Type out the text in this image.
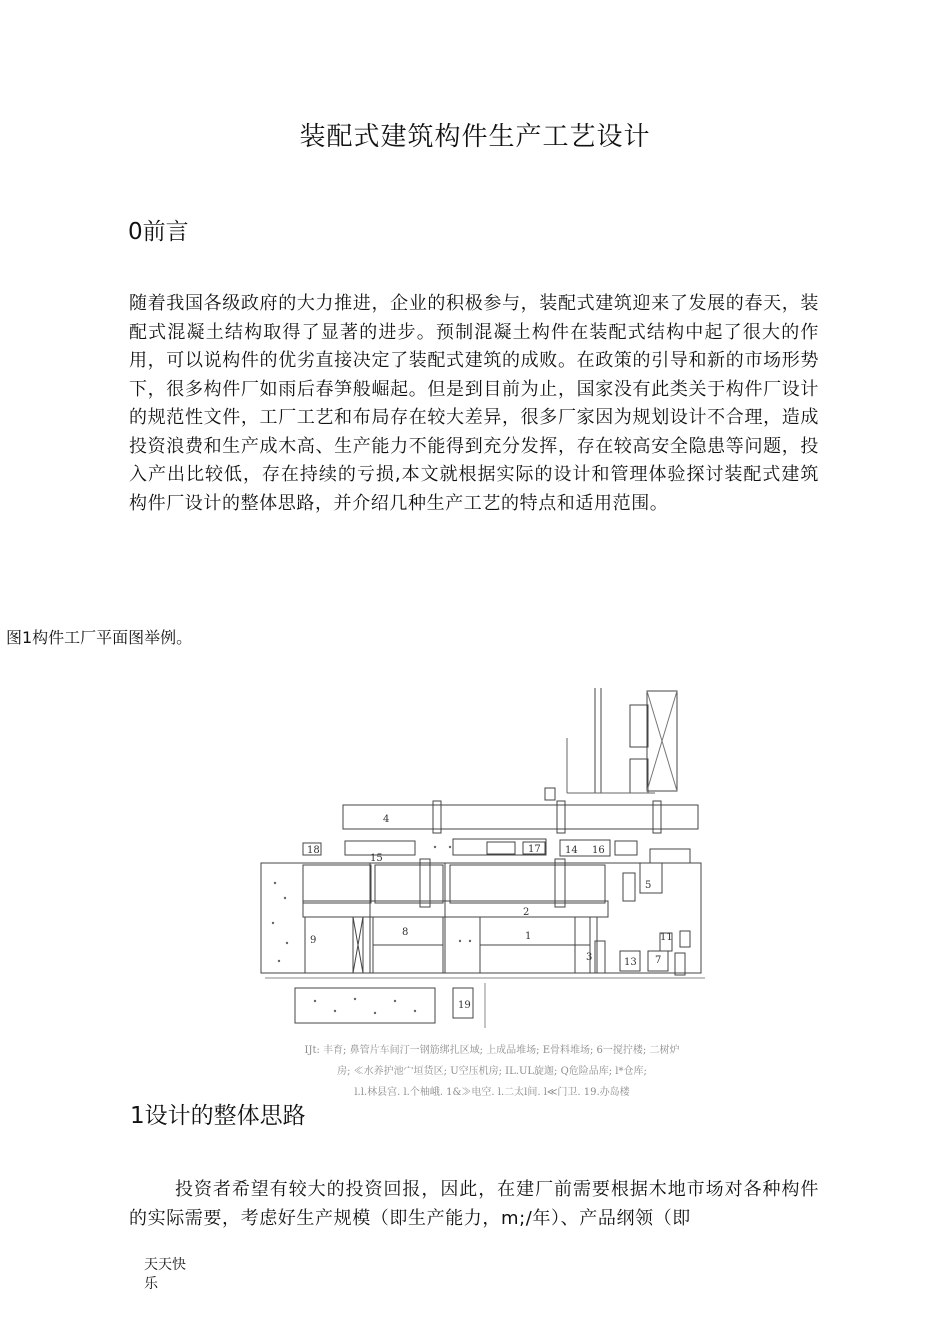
装配式建筑构件生产工艺设计
0前言
随着我国各级政府的大力推进，企业的积极参与，装配式建筑迎来了发展的春天，装配式混凝土结构取得了显著的进步。预制混凝土构件在装配式结构中起了很大的作用，可以说构件的优劣直接决定了装配式建筑的成败。在政策的引导和新的市场形势下，很多构件厂如雨后春笋般崛起。但是到目前为止，国家没有此类关于构件厂设计的规范性文件，工厂工艺和布局存在较大差异，很多厂家因为规划设计不合理，造成投资浪费和生产成木高、生产能力不能得到充分发挥，存在较高安全隐患等问题，投入产出比较低，存在持续的亏损,本文就根据实际的设计和管理体验探讨装配式建筑构件厂设计的整体思路，并介绍几种生产工艺的特点和适用范围。
图1构件工厂平面图举例。
1
2
3
4
5
7
8
9	11
13
14
15
16
17
18
19
IJt: 丰育; 鼻管片车间汀一钢筋绑扎区域; 上成品堆场; E骨料堆场; 6一搅拧楼; 二树炉
房; ≪水养护池宀垣货区; U空压机房; IL.UL旋迦; Q危险品库; l*仓库;
l.l.林县宫. l.个柚峨. 1&≫电空. l.二太l间. l≪门卫. 19.办岛楼
1设计的整体思路
投资者希望有较大的投资回报，因此，在建厂前需要根据木地市场对各种构件的实际需要，考虑好生产规模（即生产能力，m;/年）、产品纲领（即
天天快乐
